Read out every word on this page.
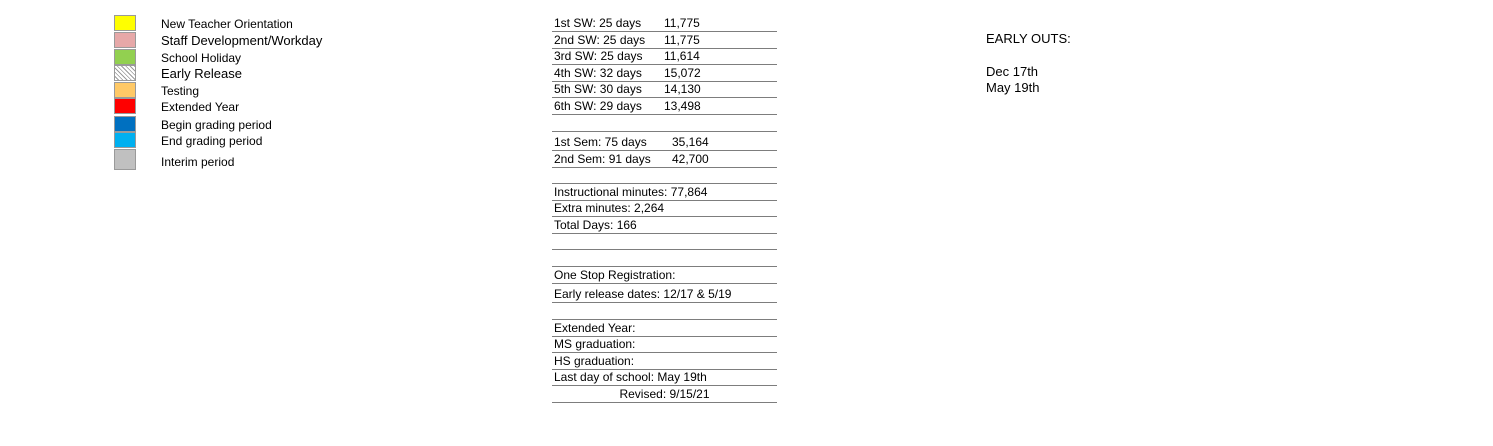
New Teacher Orientation
Staff Development/Workday
School Holiday
Early Release
Testing
Extended Year
Begin grading period
End grading period
Interim period
1st SW: 25 days 11,775
2nd SW: 25 days 11,775
3rd SW: 25 days 11,614
4th SW: 32 days 15,072
5th SW: 30 days 14,130
6th SW: 29 days 13,498
1st Sem: 75 days 35,164
2nd Sem: 91 days 42,700
Instructional minutes: 77,864
Extra minutes: 2,264
Total Days: 166
One Stop Registration:
Early release dates: 12/17 & 5/19
Extended Year:
MS graduation:
HS graduation:
Last day of school: May 19th
Revised: 9/15/21
EARLY OUTS:
Dec 17th
May 19th
